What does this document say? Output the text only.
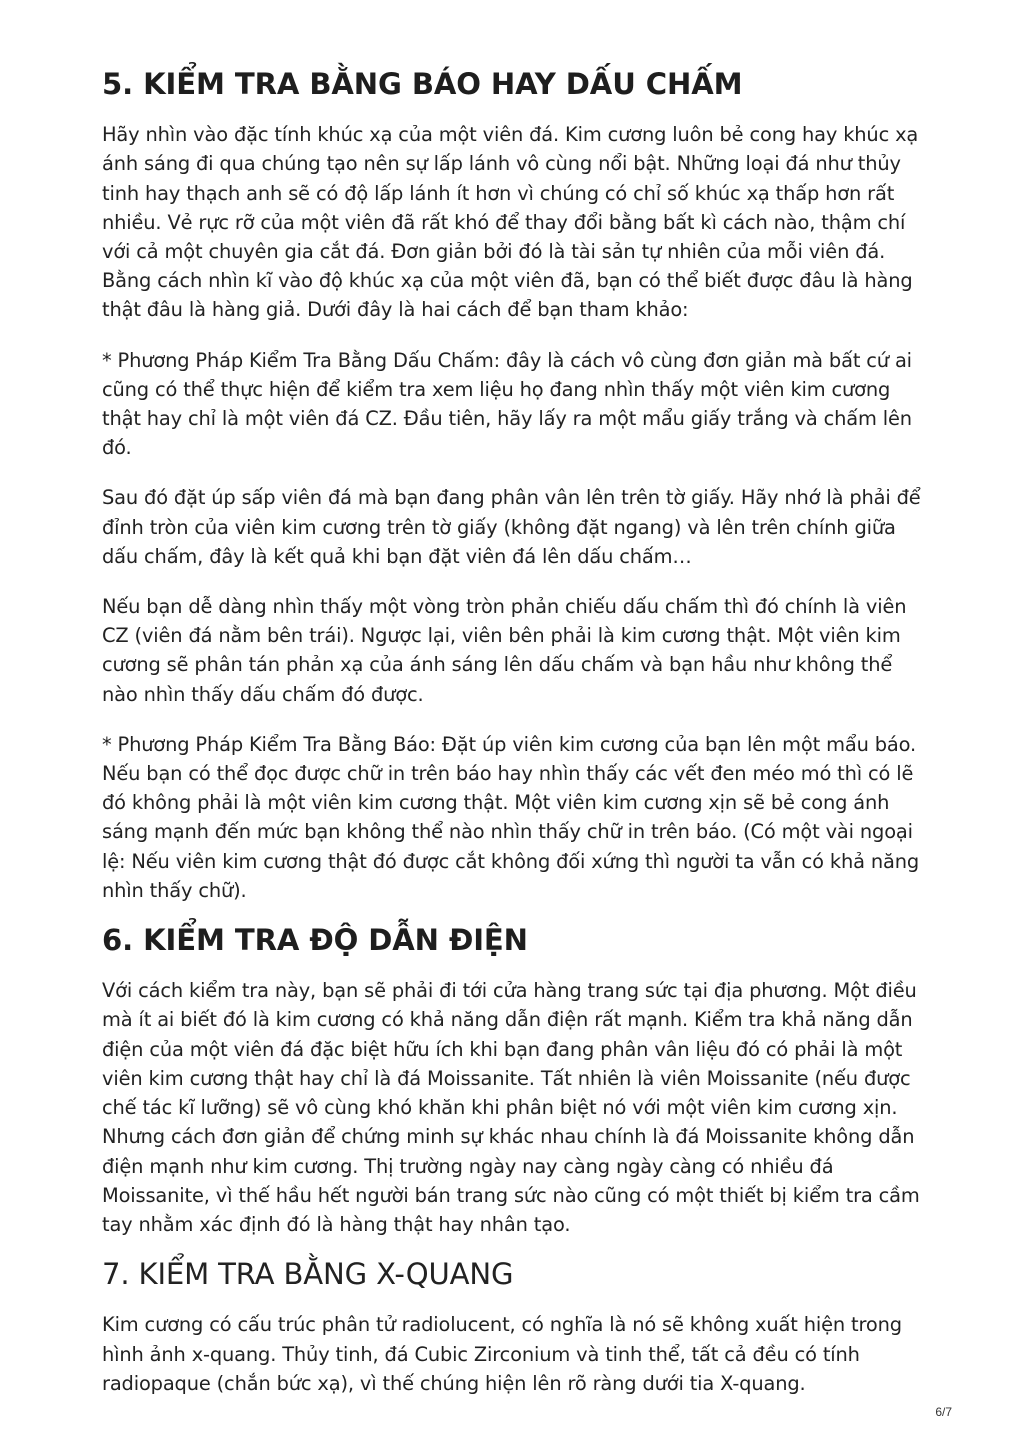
5. KIỂM TRA BẰNG BÁO HAY DẤU CHẤM

Hãy nhìn vào đặc tính khúc xạ của một viên đá. Kim cương luôn bẻ cong hay khúc xạ ánh sáng đi qua chúng tạo nên sự lấp lánh vô cùng nổi bật. Những loại đá như thủy tinh hay thạch anh sẽ có độ lấp lánh ít hơn vì chúng có chỉ số khúc xạ thấp hơn rất nhiều. Vẻ rực rỡ của một viên đã rất khó để thay đổi bằng bất kì cách nào, thậm chí với cả một chuyên gia cắt đá. Đơn giản bởi đó là tài sản tự nhiên của mỗi viên đá. Bằng cách nhìn kĩ vào độ khúc xạ của một viên đã, bạn có thể biết được đâu là hàng thật đâu là hàng giả. Dưới đây là hai cách để bạn tham khảo:

* Phương Pháp Kiểm Tra Bằng Dấu Chấm: đây là cách vô cùng đơn giản mà bất cứ ai cũng có thể thực hiện để kiểm tra xem liệu họ đang nhìn thấy một viên kim cương thật hay chỉ là một viên đá CZ. Đầu tiên, hãy lấy ra một mẩu giấy trắng và chấm lên đó.

Sau đó đặt úp sấp viên đá mà bạn đang phân vân lên trên tờ giấy. Hãy nhớ là phải để đỉnh tròn của viên kim cương trên tờ giấy (không đặt ngang) và lên trên chính giữa dấu chấm, đây là kết quả khi bạn đặt viên đá lên dấu chấm…

Nếu bạn dễ dàng nhìn thấy một vòng tròn phản chiếu dấu chấm thì đó chính là viên CZ (viên đá nằm bên trái). Ngược lại, viên bên phải là kim cương thật. Một viên kim cương sẽ phân tán phản xạ của ánh sáng lên dấu chấm và bạn hầu như không thể nào nhìn thấy dấu chấm đó được.

* Phương Pháp Kiểm Tra Bằng Báo: Đặt úp viên kim cương của bạn lên một mẩu báo. Nếu bạn có thể đọc được chữ in trên báo hay nhìn thấy các vết đen méo mó thì có lẽ đó không phải là một viên kim cương thật. Một viên kim cương xịn sẽ bẻ cong ánh sáng mạnh đến mức bạn không thể nào nhìn thấy chữ in trên báo. (Có một vài ngoại lệ: Nếu viên kim cương thật đó được cắt không đối xứng thì người ta vẫn có khả năng nhìn thấy chữ).

6. KIỂM TRA ĐỘ DẪN ĐIỆN

Với cách kiểm tra này, bạn sẽ phải đi tới cửa hàng trang sức tại địa phương. Một điều mà ít ai biết đó là kim cương có khả năng dẫn điện rất mạnh. Kiểm tra khả năng dẫn điện của một viên đá đặc biệt hữu ích khi bạn đang phân vân liệu đó có phải là một viên kim cương thật hay chỉ là đá Moissanite. Tất nhiên là viên Moissanite (nếu được chế tác kĩ lưỡng) sẽ vô cùng khó khăn khi phân biệt nó với một viên kim cương xịn. Nhưng cách đơn giản để chứng minh sự khác nhau chính là đá Moissanite không dẫn điện mạnh như kim cương. Thị trường ngày nay càng ngày càng có nhiều đá Moissanite, vì thế hầu hết người bán trang sức nào cũng có một thiết bị kiểm tra cầm tay nhằm xác định đó là hàng thật hay nhân tạo.

7. KIỂM TRA BẰNG X-QUANG

Kim cương có cấu trúc phân tử radiolucent, có nghĩa là nó sẽ không xuất hiện trong hình ảnh x-quang. Thủy tinh, đá Cubic Zirconium và tinh thể, tất cả đều có tính radiopaque (chắn bức xạ), vì thế chúng hiện lên rõ ràng dưới tia X-quang.

6/7
